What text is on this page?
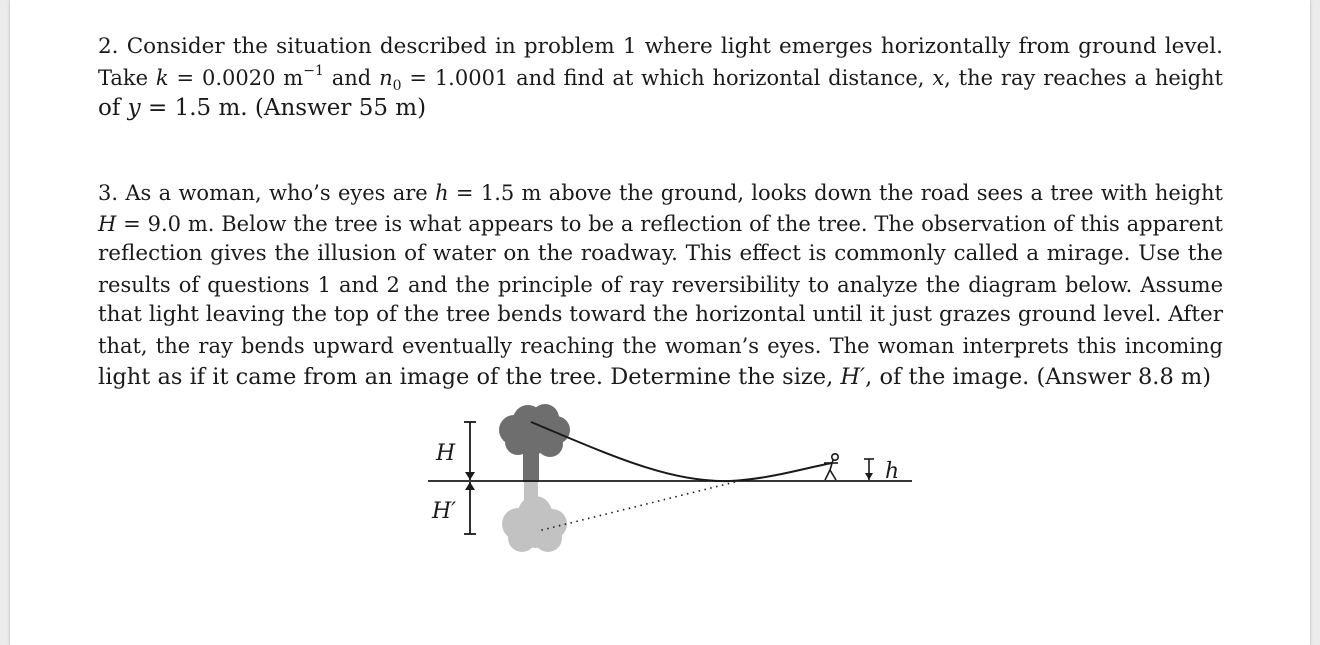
2. Consider the situation described in problem 1 where light emerges horizontally from ground level.
Take k = 0.0020 $m^{-1}$ and $n_0 = 1.0001$ and find at which horizontal distance, x, the ray reaches a height
of y = 1.5 m. (Answer 55 m)
3. As a woman, who’s eyes are h = 1.5 m above the ground, looks down the road sees a tree with height
H = 9.0 m. Below the tree is what appears to be a reflection of the tree. The observation of this apparent
reflection gives the illusion of water on the roadway. This effect is commonly called a mirage. Use the
results of questions 1 and 2 and the principle of ray reversibility to analyze the diagram below. Assume
that light leaving the top of the tree bends toward the horizontal until it just grazes ground level. After
that, the ray bends upward eventually reaching the woman’s eyes. The woman interprets this incoming
light as if it came from an image of the tree. Determine the size, H′, of the image. (Answer 8.8 m)
H
H′
h
